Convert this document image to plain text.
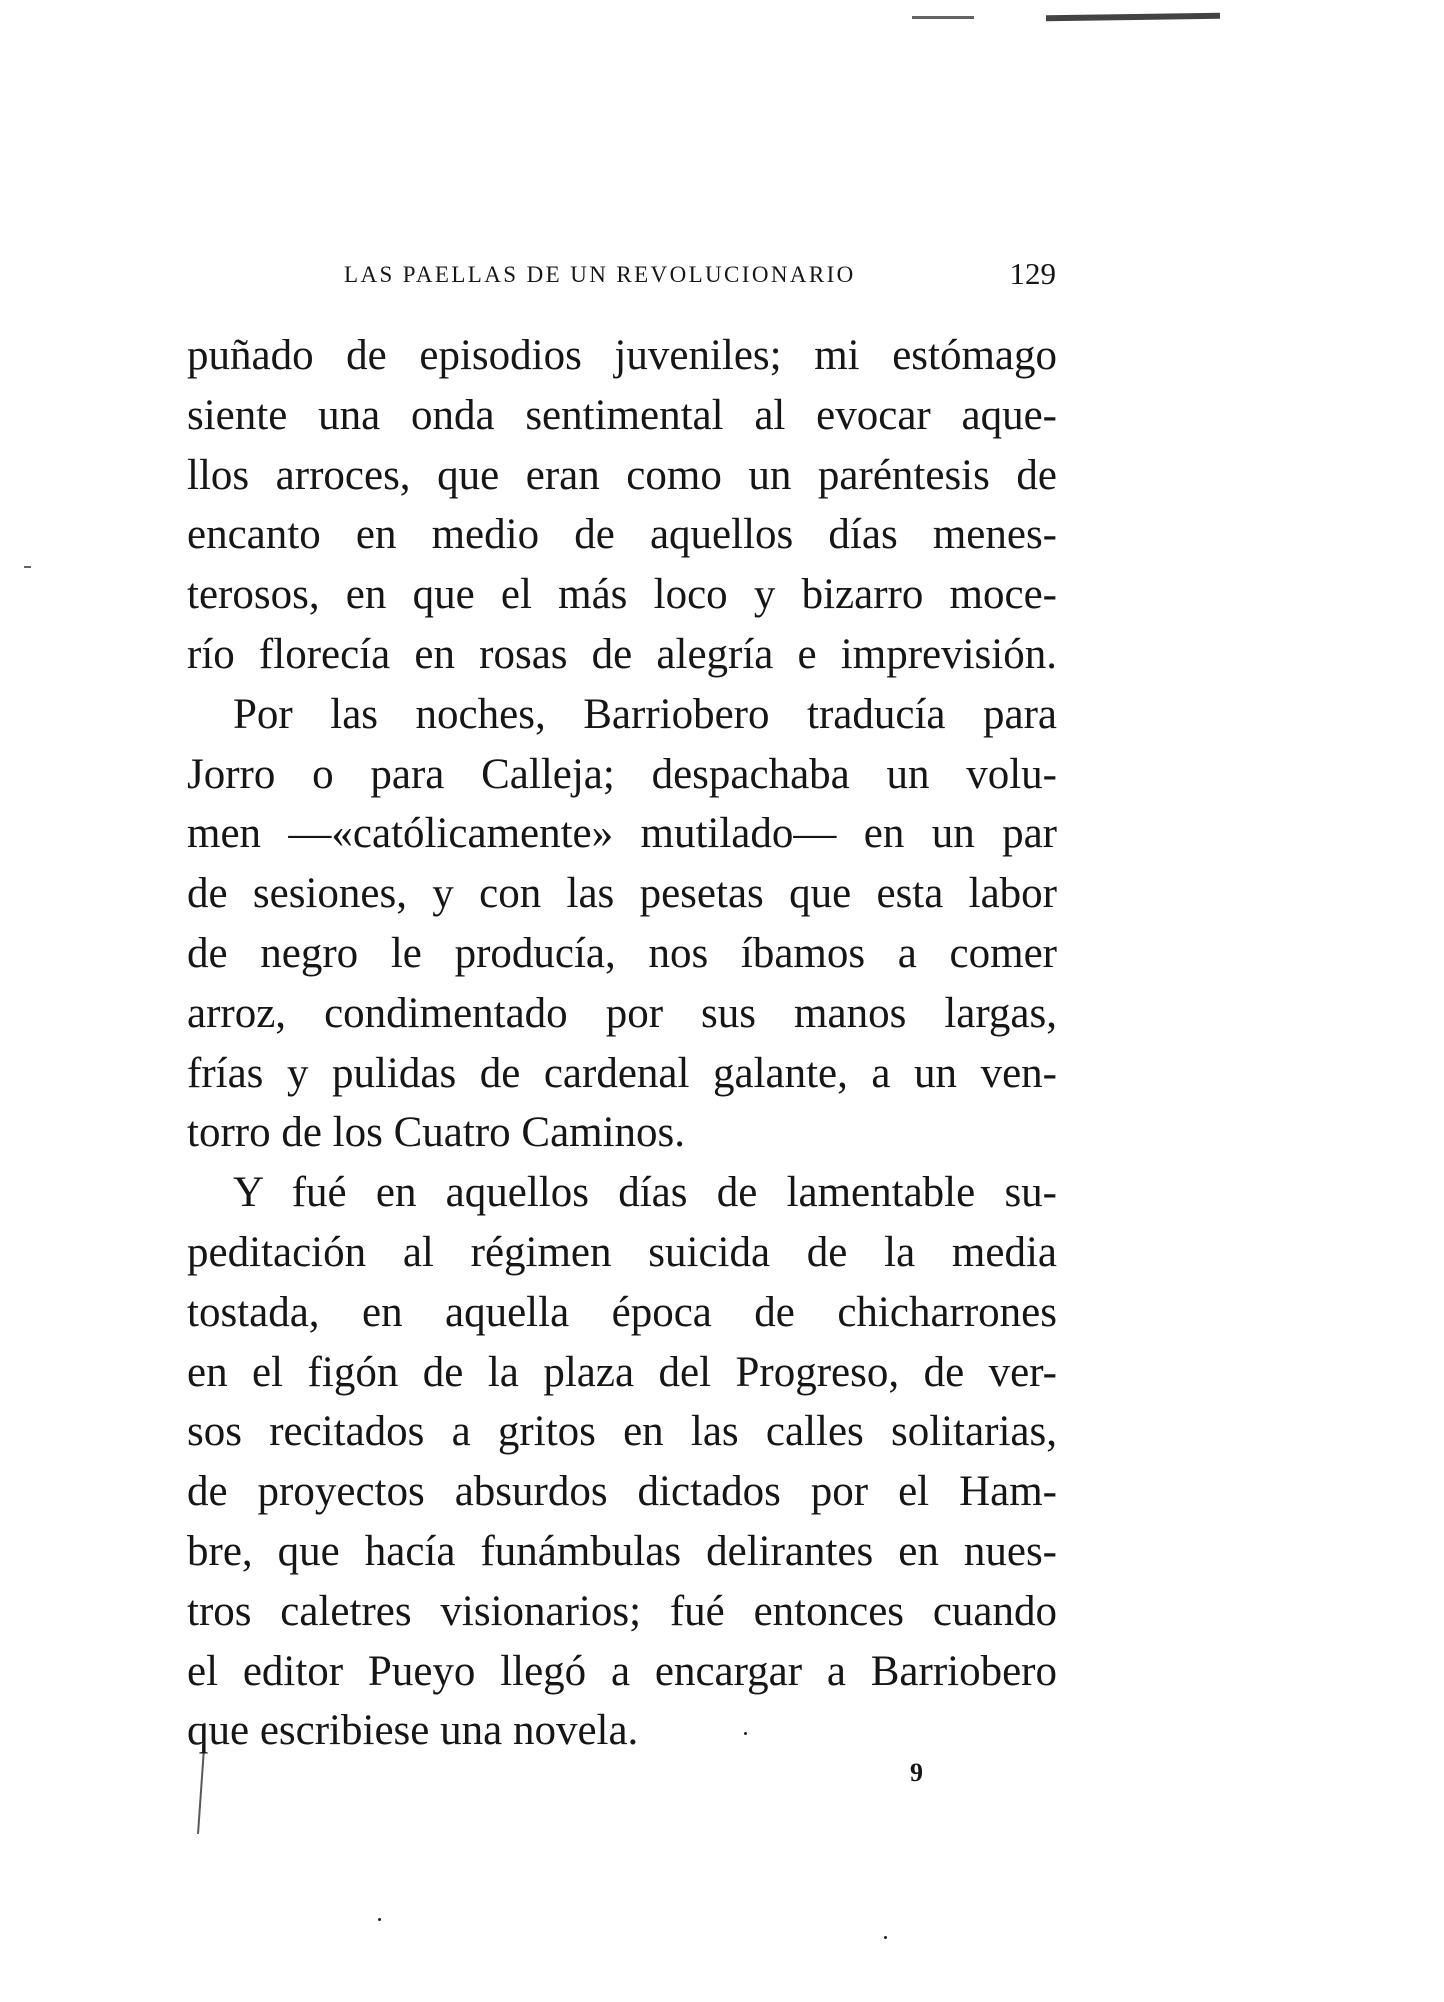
LAS PAELLAS DE UN REVOLUCIONARIO	129
puñado de episodios juveniles; mi estómago
siente una onda sentimental al evocar aque-
llos arroces, que eran como un paréntesis de
encanto en medio de aquellos días menes-
terosos, en que el más loco y bizarro moce-
río florecía en rosas de alegría e imprevisión.
Por las noches, Barriobero traducía para
Jorro o para Calleja; despachaba un volu-
men —«católicamente» mutilado— en un par
de sesiones, y con las pesetas que esta labor
de negro le producía, nos íbamos a comer
arroz, condimentado por sus manos largas,
frías y pulidas de cardenal galante, a un ven-
torro de los Cuatro Caminos.
Y fué en aquellos días de lamentable su-
peditación al régimen suicida de la media
tostada, en aquella época de chicharrones
en el figón de la plaza del Progreso, de ver-
sos recitados a gritos en las calles solitarias,
de proyectos absurdos dictados por el Ham-
bre, que hacía funámbulas delirantes en nues-
tros caletres visionarios; fué entonces cuando
el editor Pueyo llegó a encargar a Barriobero
que escribiese una novela.
9
